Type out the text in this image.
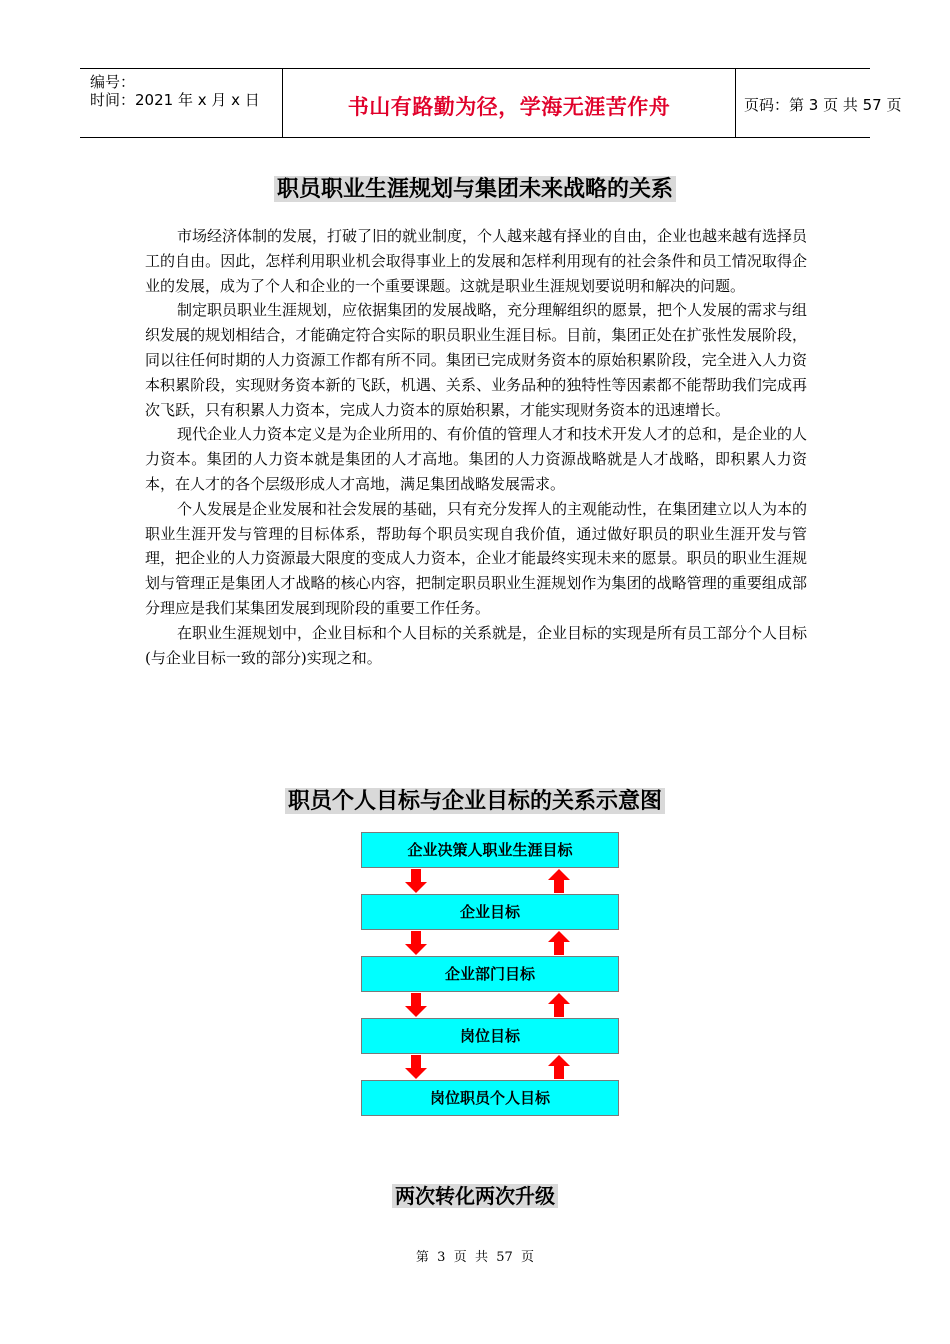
编号：
时间：2021 年 x 月 x 日	书山有路勤为径，学海无涯苦作舟	页码：第 3 页 共 57 页
职员职业生涯规划与集团未来战略的关系

市场经济体制的发展，打破了旧的就业制度，个人越来越有择业的自由，企业也越来越有选择员工的自由。因此，怎样利用职业机会取得事业上的发展和怎样利用现有的社会条件和员工情况取得企业的发展，成为了个人和企业的一个重要课题。这就是职业生涯规划要说明和解决的问题。

制定职员职业生涯规划，应依据集团的发展战略，充分理解组织的愿景，把个人发展的需求与组织发展的规划相结合，才能确定符合实际的职员职业生涯目标。目前，集团正处在扩张性发展阶段，同以往任何时期的人力资源工作都有所不同。集团已完成财务资本的原始积累阶段，完全进入人力资本积累阶段，实现财务资本新的飞跃，机遇、关系、业务品种的独特性等因素都不能帮助我们完成再次飞跃，只有积累人力资本，完成人力资本的原始积累，才能实现财务资本的迅速增长。

现代企业人力资本定义是为企业所用的、有价值的管理人才和技术开发人才的总和，是企业的人力资本。集团的人力资本就是集团的人才高地。集团的人力资源战略就是人才战略，即积累人力资本，在人才的各个层级形成人才高地，满足集团战略发展需求。

个人发展是企业发展和社会发展的基础，只有充分发挥人的主观能动性，在集团建立以人为本的职业生涯开发与管理的目标体系，帮助每个职员实现自我价值，通过做好职员的职业生涯开发与管理，把企业的人力资源最大限度的变成人力资本，企业才能最终实现未来的愿景。职员的职业生涯规划与管理正是集团人才战略的核心内容，把制定职员职业生涯规划作为集团的战略管理的重要组成部分理应是我们某集团发展到现阶段的重要工作任务。

在职业生涯规划中，企业目标和个人目标的关系就是，企业目标的实现是所有员工部分个人目标(与企业目标一致的部分)实现之和。

职员个人目标与企业目标的关系示意图
企业决策人职业生涯目标
企业目标
企业部门目标
岗位目标
岗位职员个人目标
两次转化两次升级
第  3  页  共  57  页
